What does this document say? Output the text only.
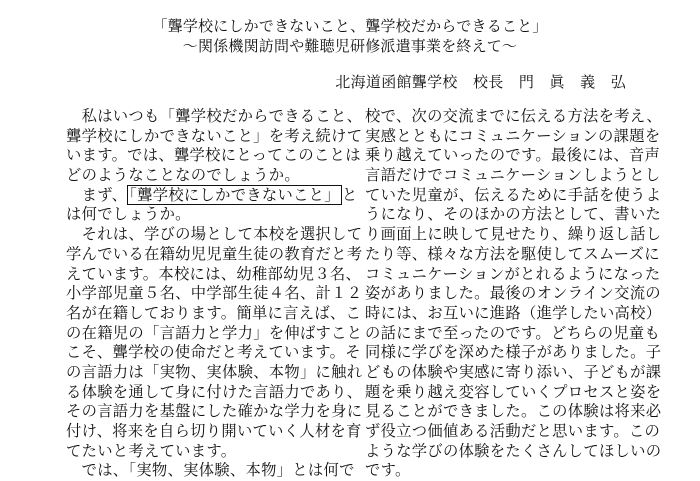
「聾学校にしかできないこと、聾学校だからできること」
～関係機関訪問や難聴児研修派遣事業を終えて～
北海道函館聾学校　校長　門　眞　義　弘
　私はいつも「聾学校だからできること、
聾学校にしかできないこと」を考え続けて
います。では、聾学校にとってこのことは
どのようなことなのでしょうか。
　まず、 「聾学校にしかできないこと」 と
は何でしょうか。
　それは、学びの場として本校を選択して
学んでいる在籍幼児児童生徒の教育だと考
えています。本校には、幼稚部幼児３名、
小学部児童５名、中学部生徒４名、計１２
名が在籍しております。簡単に言えば、こ
の在籍児の「言語力と学力」を伸ばすこと
こそ、聾学校の使命だと考えています。そ
の言語力は「実物、実体験、本物」に触れ
る体験を通して身に付けた言語力であり、
その言語力を基盤にした確かな学力を身に
付け、将来を自ら切り開いていく人材を育
てたいと考えています。
　では、「実物、実体験、本物」とは何で
校で、次の交流までに伝える方法を考え、
実感とともにコミュニケーションの課題を
乗り越えていったのです。最後には、音声
言語だけでコミュニケーションしようとし
ていた児童が、伝えるために手話を使うよ
うになり、そのほかの方法として、書いた
り画面上に映して見せたり、繰り返し話し
たり等、様々な方法を駆使してスムーズに
コミュニケーションがとれるようになった
姿がありました。最後のオンライン交流の
時には、お互いに進路（進学したい高校）
の話にまで至ったのです。どちらの児童も
同様に学びを深めた様子がありました。子
どもの体験や実感に寄り添い、子どもが課
題を乗り越え変容していくプロセスと姿を
見ることができました。この体験は将来必
ず役立つ価値ある活動だと思います。この
ような学びの体験をたくさんしてほしいの
です。
